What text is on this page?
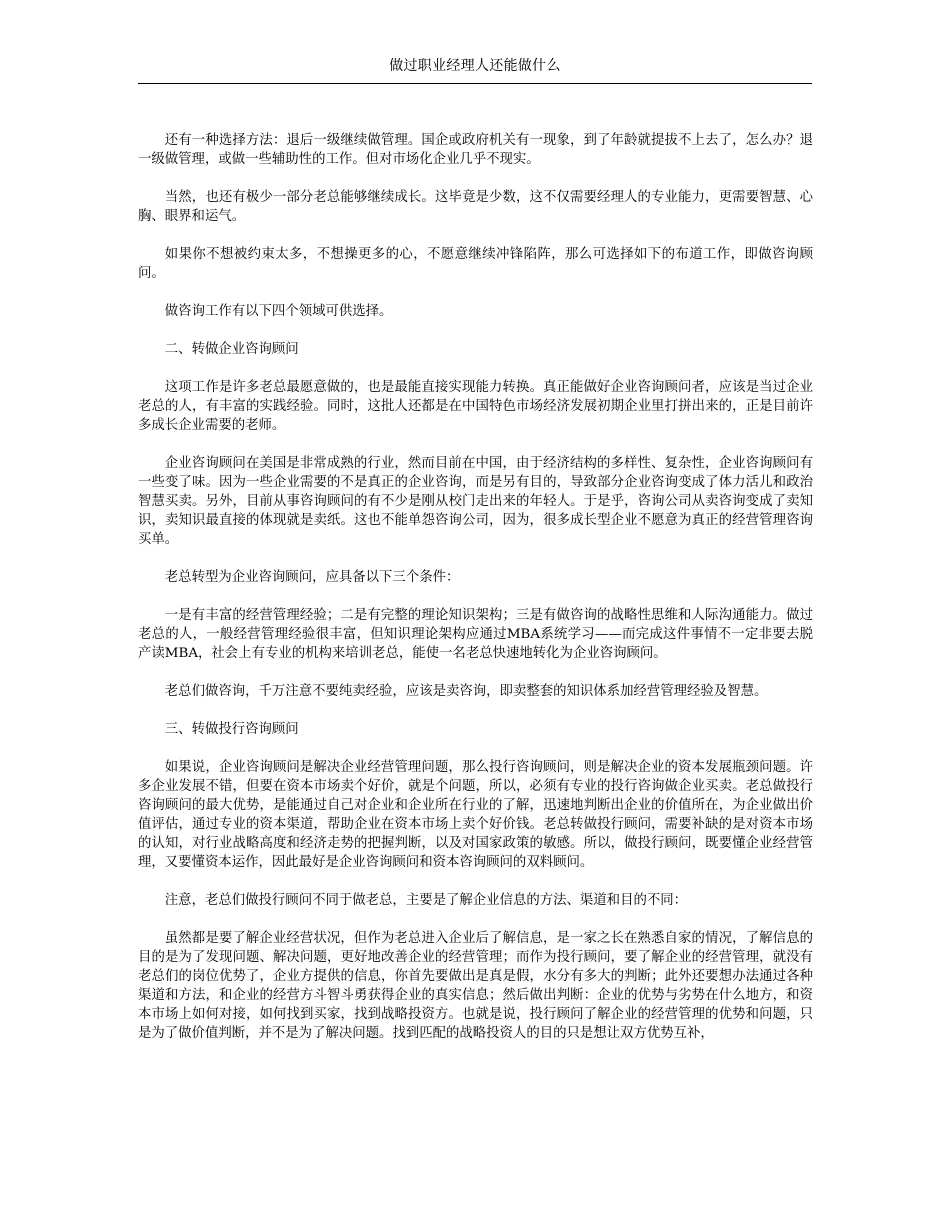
做过职业经理人还能做什么

还有一种选择方法：退后一级继续做管理。国企或政府机关有一现象，到了年龄就提拔不上去了，怎么办？退一级做管理，或做一些辅助性的工作。但对市场化企业几乎不现实。

当然，也还有极少一部分老总能够继续成长。这毕竟是少数，这不仅需要经理人的专业能力，更需要智慧、心胸、眼界和运气。

如果你不想被约束太多，不想操更多的心，不愿意继续冲锋陷阵，那么可选择如下的布道工作，即做咨询顾问。

做咨询工作有以下四个领域可供选择。

二、转做企业咨询顾问

这项工作是许多老总最愿意做的，也是最能直接实现能力转换。真正能做好企业咨询顾问者，应该是当过企业老总的人，有丰富的实践经验。同时，这批人还都是在中国特色市场经济发展初期企业里打拼出来的，正是目前许多成长企业需要的老师。

企业咨询顾问在美国是非常成熟的行业，然而目前在中国，由于经济结构的多样性、复杂性，企业咨询顾问有一些变了味。因为一些企业需要的不是真正的企业咨询，而是另有目的，导致部分企业咨询变成了体力活儿和政治智慧买卖。另外，目前从事咨询顾问的有不少是刚从校门走出来的年轻人。于是乎，咨询公司从卖咨询变成了卖知识，卖知识最直接的体现就是卖纸。这也不能单怨咨询公司，因为，很多成长型企业不愿意为真正的经营管理咨询买单。

老总转型为企业咨询顾问，应具备以下三个条件：

一是有丰富的经营管理经验；二是有完整的理论知识架构；三是有做咨询的战略性思维和人际沟通能力。做过老总的人，一般经营管理经验很丰富，但知识理论架构应通过MBA系统学习——而完成这件事情不一定非要去脱产读MBA，社会上有专业的机构来培训老总，能使一名老总快速地转化为企业咨询顾问。

老总们做咨询，千万注意不要纯卖经验，应该是卖咨询，即卖整套的知识体系加经营管理经验及智慧。

三、转做投行咨询顾问

如果说，企业咨询顾问是解决企业经营管理问题，那么投行咨询顾问，则是解决企业的资本发展瓶颈问题。许多企业发展不错，但要在资本市场卖个好价，就是个问题，所以，必须有专业的投行咨询做企业买卖。老总做投行咨询顾问的最大优势，是能通过自己对企业和企业所在行业的了解，迅速地判断出企业的价值所在，为企业做出价值评估，通过专业的资本渠道，帮助企业在资本市场上卖个好价钱。老总转做投行顾问，需要补缺的是对资本市场的认知，对行业战略高度和经济走势的把握判断，以及对国家政策的敏感。所以，做投行顾问，既要懂企业经营管理，又要懂资本运作，因此最好是企业咨询顾问和资本咨询顾问的双料顾问。

注意，老总们做投行顾问不同于做老总，主要是了解企业信息的方法、渠道和目的不同：

虽然都是要了解企业经营状况，但作为老总进入企业后了解信息，是一家之长在熟悉自家的情况，了解信息的目的是为了发现问题、解决问题，更好地改善企业的经营管理；而作为投行顾问，要了解企业的经营管理，就没有老总们的岗位优势了，企业方提供的信息，你首先要做出是真是假，水分有多大的判断；此外还要想办法通过各种渠道和方法，和企业的经营方斗智斗勇获得企业的真实信息；然后做出判断：企业的优势与劣势在什么地方，和资本市场上如何对接，如何找到买家，找到战略投资方。也就是说，投行顾问了解企业的经营管理的优势和问题，只是为了做价值判断，并不是为了解决问题。找到匹配的战略投资人的目的只是想让双方优势互补，
